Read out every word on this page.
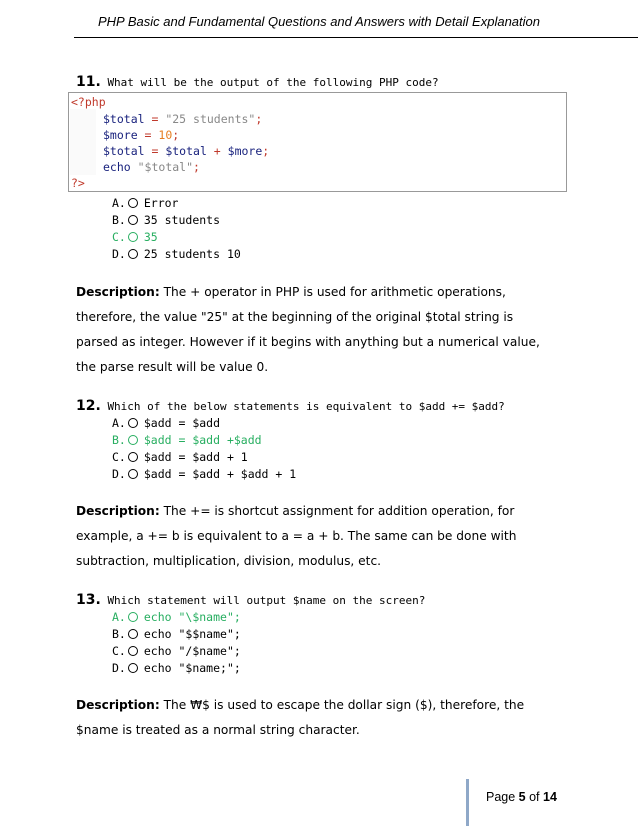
PHP Basic and Fundamental Questions and Answers with Detail Explanation
11. What will be the output of the following PHP code?
<?php
$total = "25 students";
$more = 10;
$total = $total + $more;
echo "$total";
?>
A. Error
B. 35 students
C. 35
D. 25 students 10
Description: The + operator in PHP is used for arithmetic operations, therefore, the value "25" at the beginning of the original $total string is parsed as integer. However if it begins with anything but a numerical value, the parse result will be value 0.
12. Which of the below statements is equivalent to $add += $add?
A. $add = $add
B. $add = $add +$add
C. $add = $add + 1
D. $add = $add + $add + 1
Description: The += is shortcut assignment for addition operation, for example, a += b is equivalent to a = a + b. The same can be done with subtraction, multiplication, division, modulus, etc.
13. Which statement will output $name on the screen?
A. echo "\$name";
B. echo "$$name";
C. echo "/$name";
D. echo "$name;";
Description: The ₩$ is used to escape the dollar sign ($), therefore, the $name is treated as a normal string character.
Page 5 of 14
